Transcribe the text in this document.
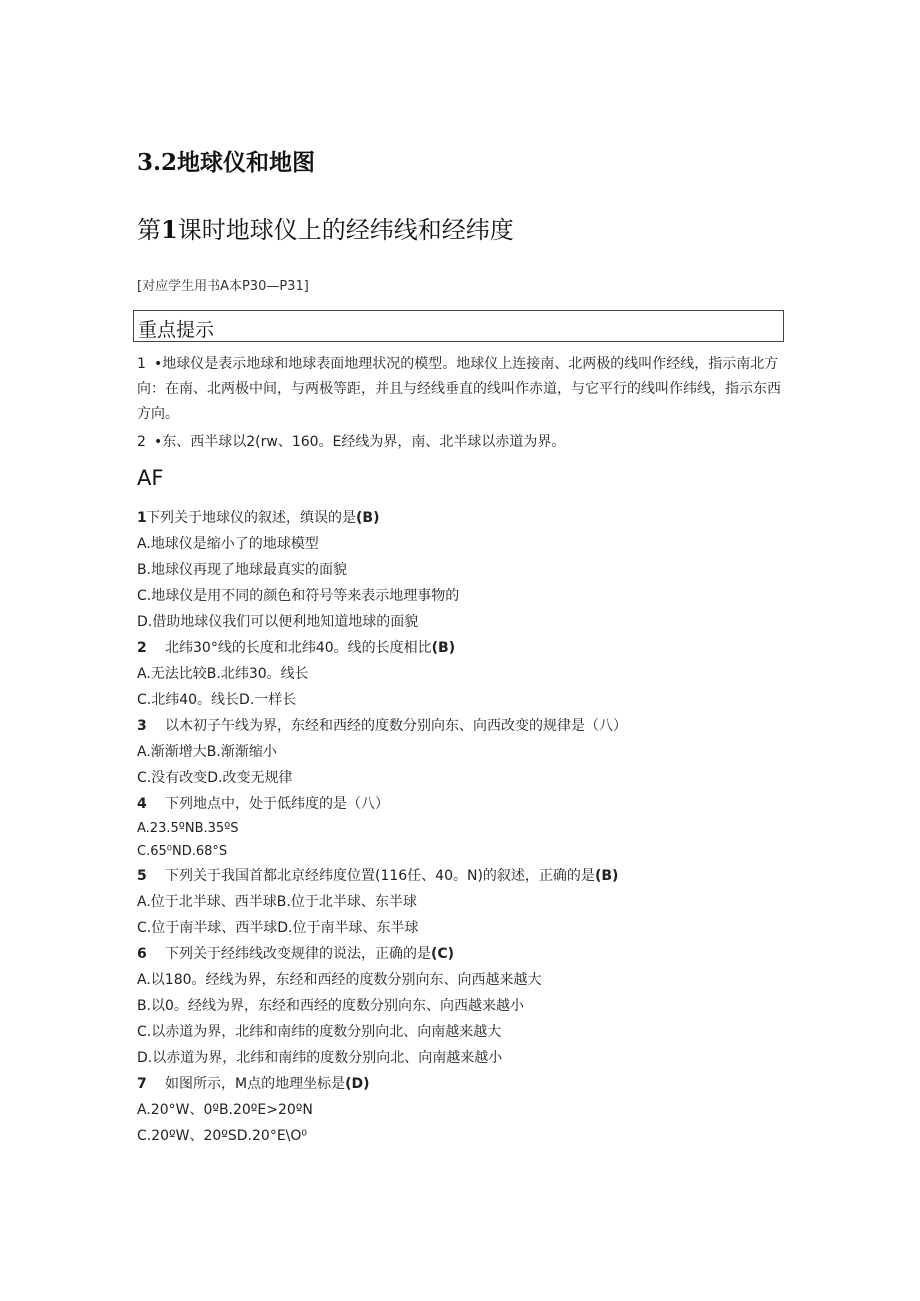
3.2地球仪和地图
第1课时地球仪上的经纬线和经纬度
[对应学生用书A本P30—P31]
重点提示

1 •地球仪是表示地球和地球表面地理状况的模型。地球仪上连接南、北两极的线叫作经线，指示南北方向：在南、北两极中间，与两极等距，并且与经线垂直的线叫作赤道，与它平行的线叫作纬线，指示东西方向。

2 •东、西半球以2(rw、160。E经线为界，南、北半球以赤道为界。

AF
1下列关于地球仪的叙述，缜误的是(B)
A.地球仪是缩小了的地球模型
B.地球仪再现了地球最真实的面貌
C.地球仪是用不同的颜色和符号等来表示地理事物的
D.借助地球仪我们可以便利地知道地球的面貌
2 北纬30°线的长度和北纬40。线的长度相比(B)
A.无法比较B.北纬30。线长
C.北纬40。线长D.一样长
3 以木初子午线为界，东经和西经的度数分别向东、向西改变的规律是（八）
A.渐渐增大B.渐渐缩小
C.没有改变D.改变无规律
4 下列地点中，处于低纬度的是（八）
A.23.5ºNB.35ºS
C.65⁰ND.68°S
5 下列关于我国首都北京经纬度位置(116任、40。N)的叙述，正确的是(B)
A.位于北半球、西半球B.位于北半球、东半球
C.位于南半球、西半球D.位于南半球、东半球
6 下列关于经纬线改变规律的说法，正确的是(C)
A.以180。经线为界，东经和西经的度数分别向东、向西越来越大
B.以0。经线为界，东经和西经的度数分别向东、向西越来越小
C.以赤道为界，北纬和南纬的度数分别向北、向南越来越大
D.以赤道为界，北纬和南纬的度数分别向北、向南越来越小
7 如图所示，M点的地理坐标是(D)
A.20°W、0ºB.20ºE>20ºN
C.20ºW、20ºSD.20°E\O⁰
